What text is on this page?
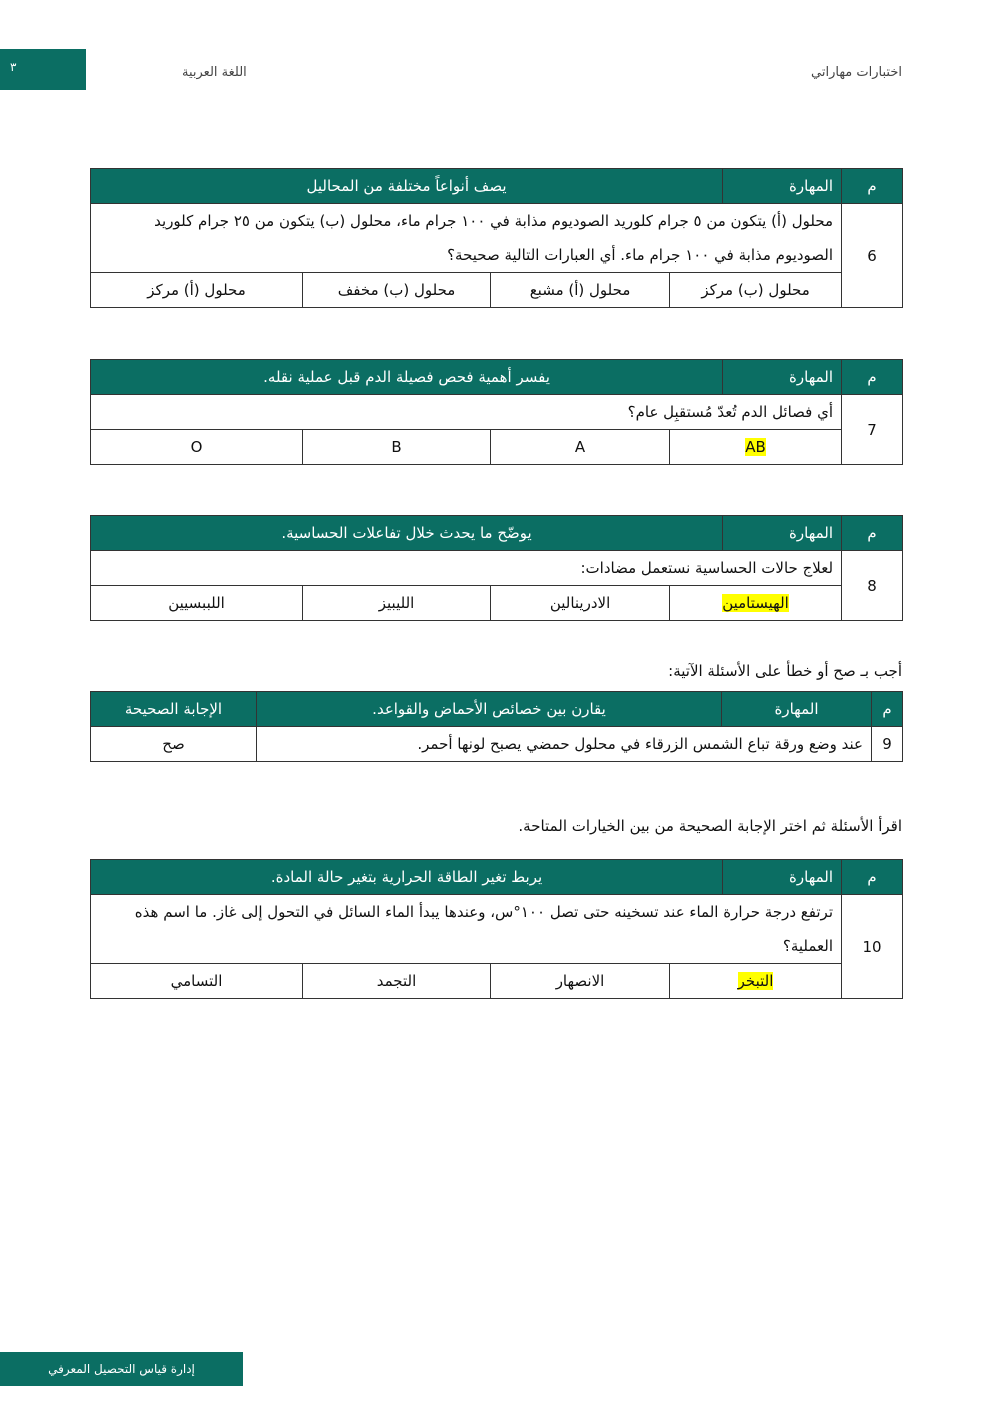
٣	اللغة العربية	اختبارات مهاراتي
م	المهارة	يصف أنواعاً مختلفة من المحاليل			
6	محلول (أ) يتكون من ٥ جرام كلوريد الصوديوم مذابة في ١٠٠ جرام ماء، محلول (ب) يتكون من ٢٥ جرام كلوريد الصوديوم مذابة في ١٠٠ جرام ماء. أي العبارات التالية صحيحة؟				
	محلول (ب) مركز		محلول (أ) مشبع	محلول (ب) مخفف	محلول (أ) مركز
م	المهارة	يفسر أهمية فحص فصيلة الدم قبل عملية نقله.			
7	أي فصائل الدم تُعدّ مُستقبِل عام؟				
	AB		A	B	O
م	المهارة	يوضّح ما يحدث خلال تفاعلات الحساسية.			
8	لعلاج حالات الحساسية نستعمل مضادات:				
	الهيستامين		الادرينالين	الليبيز	اللببسيين
أجب بـ صح أو خطأ على الأسئلة الآتية:
م	المهارة	يقارن بين خصائص الأحماض والقواعد.	الإجابة الصحيحة
9	عند وضع ورقة تباع الشمس الزرقاء في محلول حمضي يصبح لونها أحمر.		صح
اقرأ الأسئلة ثم اختر الإجابة الصحيحة من بين الخيارات المتاحة.
م	المهارة	يربط تغير الطاقة الحرارية بتغير حالة المادة.			
10	ترتفع درجة حرارة الماء عند تسخينه حتى تصل ١٠٠°س، وعندها يبدأ الماء السائل في التحول إلى غاز. ما اسم هذه العملية؟				
	التبخر		الانصهار	التجمد	التسامي
إدارة قياس التحصيل المعرفي
